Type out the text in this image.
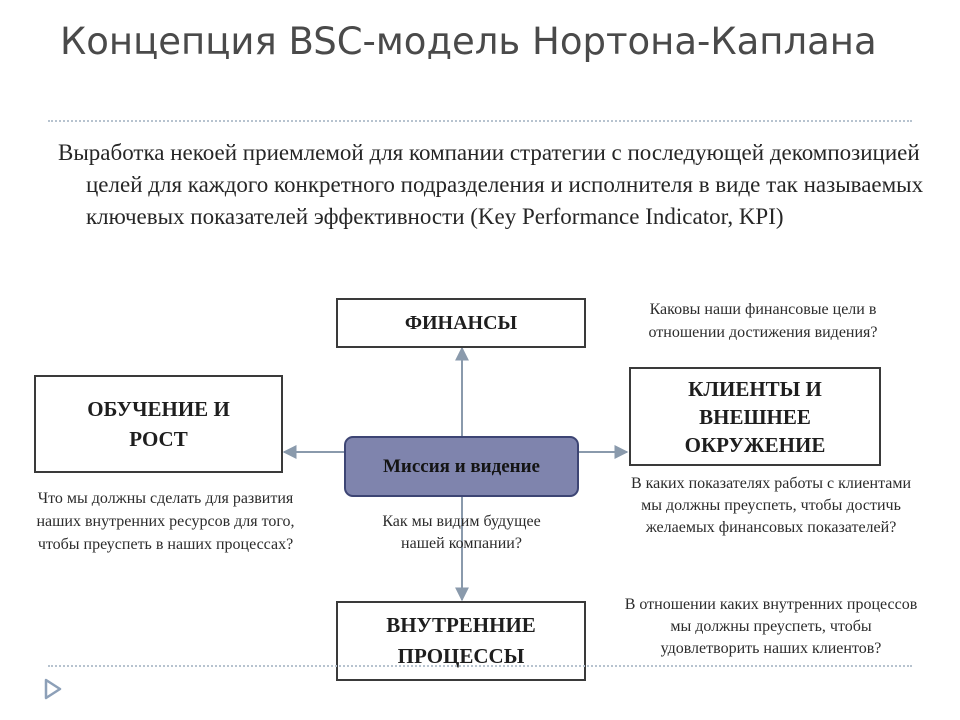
Концепция BSC-модель Нортона-Каплана

Выработка некоей приемлемой для компании стратегии с последующей декомпозицией целей для каждого конкретного подразделения и исполнителя в виде так называемых ключевых показателей эффективности (Key Performance Indicator, KPI)

ФИНАНСЫ

Каковы наши финансовые цели в отношении достижения видения?

ОБУЧЕНИЕ И РОСТ

Что мы должны сделать для развития наших внутренних ресурсов для того, чтобы преуспеть в наших процессах?

КЛИЕНТЫ И ВНЕШНЕЕ ОКРУЖЕНИЕ

В каких показателях работы с клиентами мы должны преуспеть, чтобы достичь желаемых финансовых показателей?

Миссия и видение

Как мы видим будущее нашей компании?

ВНУТРЕННИЕ ПРОЦЕССЫ

В отношении каких внутренних процессов мы должны преуспеть, чтобы удовлетворить наших клиентов?
